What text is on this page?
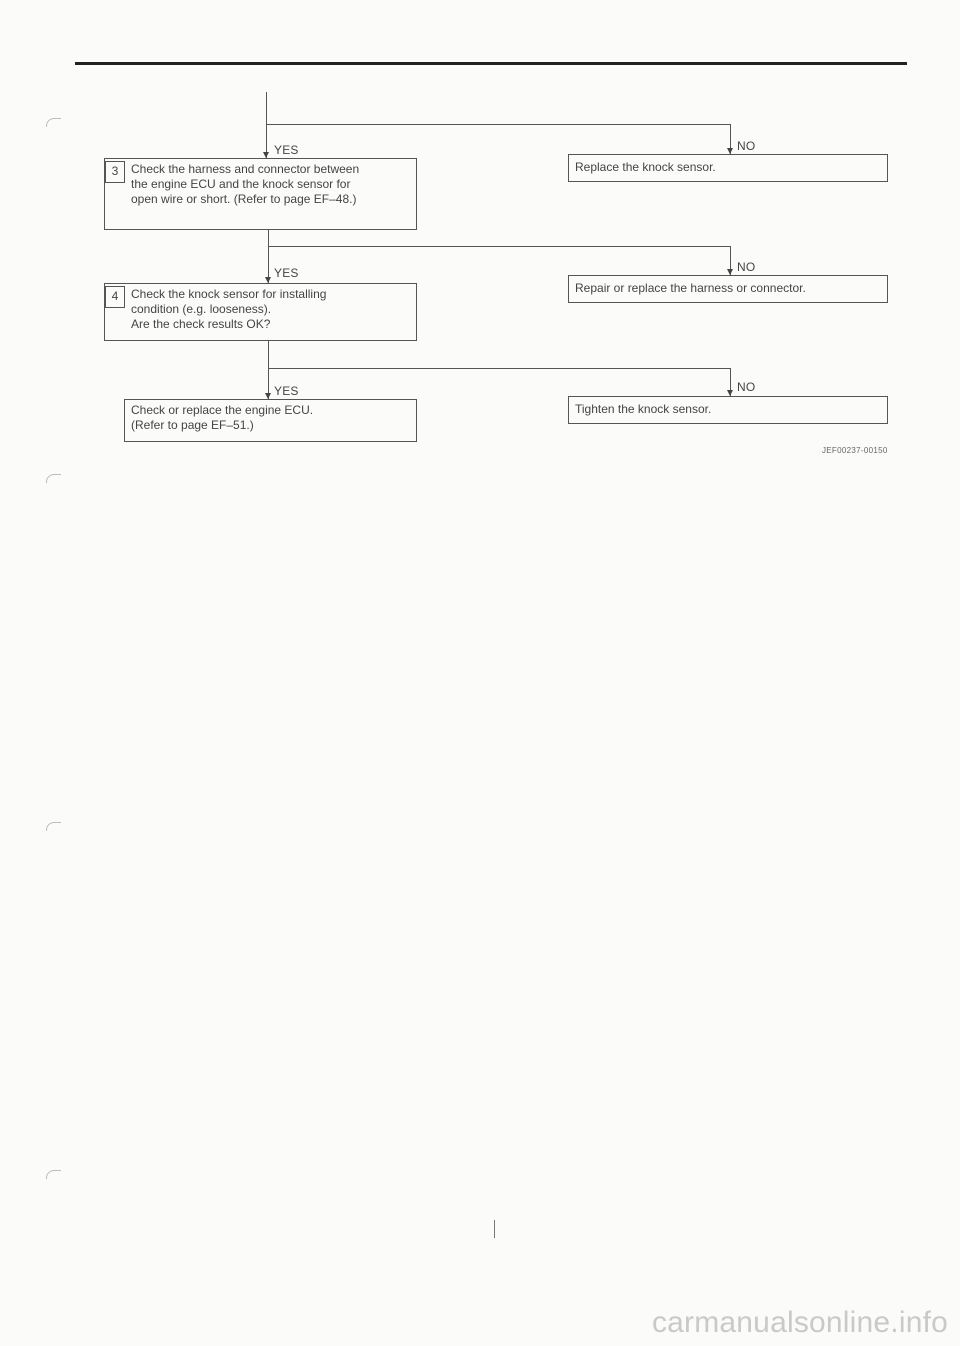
YES	NO
3	Check the harness and connector between
the engine ECU and the knock sensor for
open wire or short. (Refer to page EF–48.)
Replace the knock sensor.
YES	NO
4	Check the knock sensor for installing
condition (e.g. looseness).
Are the check results OK?
Repair or replace the harness or connector.
YES	NO
Check or replace the engine ECU.
(Refer to page EF–51.)
Tighten the knock sensor.
JEF00237-00150
carmanualsonline.info
